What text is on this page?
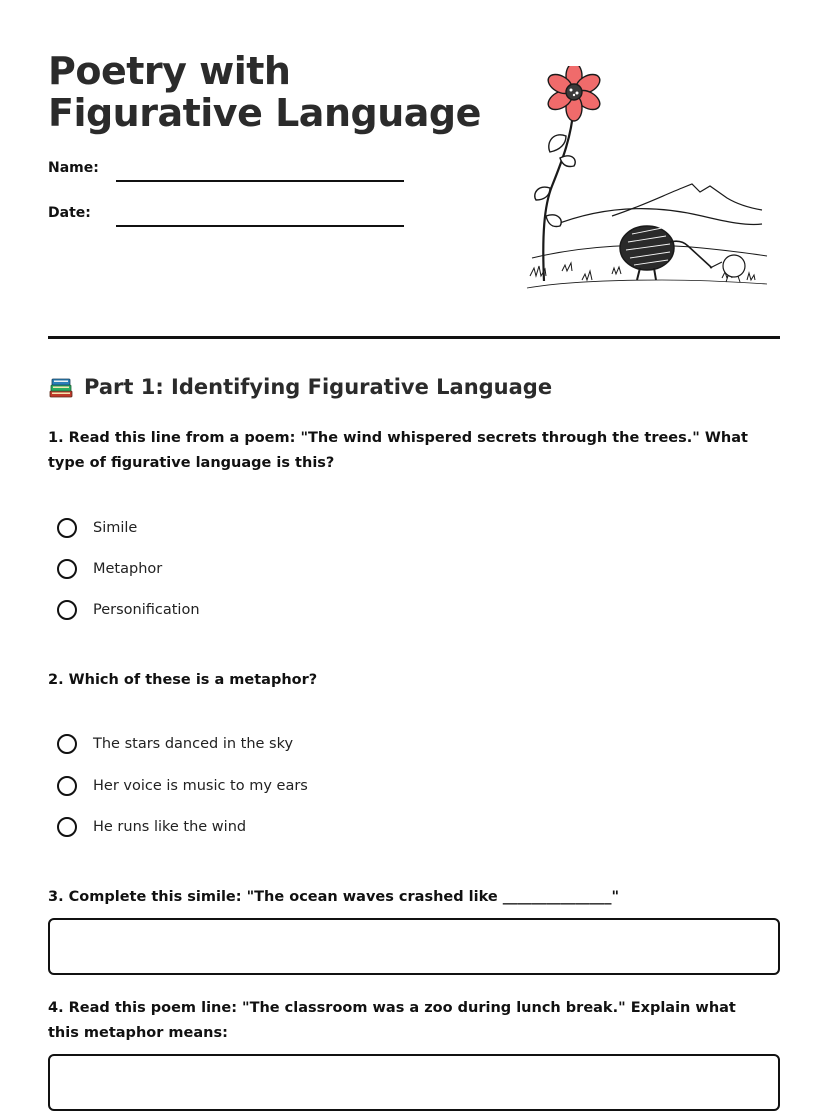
Poetry with Figurative Language
Name:
Date:
Part 1: Identifying Figurative Language

1. Read this line from a poem: "The wind whispered secrets through the trees." What type of figurative language is this?

Simile
Metaphor
Personification

2. Which of these is a metaphor?

The stars danced in the sky
Her voice is music to my ears
He runs like the wind

3. Complete this simile: "The ocean waves crashed like _______________"

4. Read this poem line: "The classroom was a zoo during lunch break." Explain what this metaphor means:
